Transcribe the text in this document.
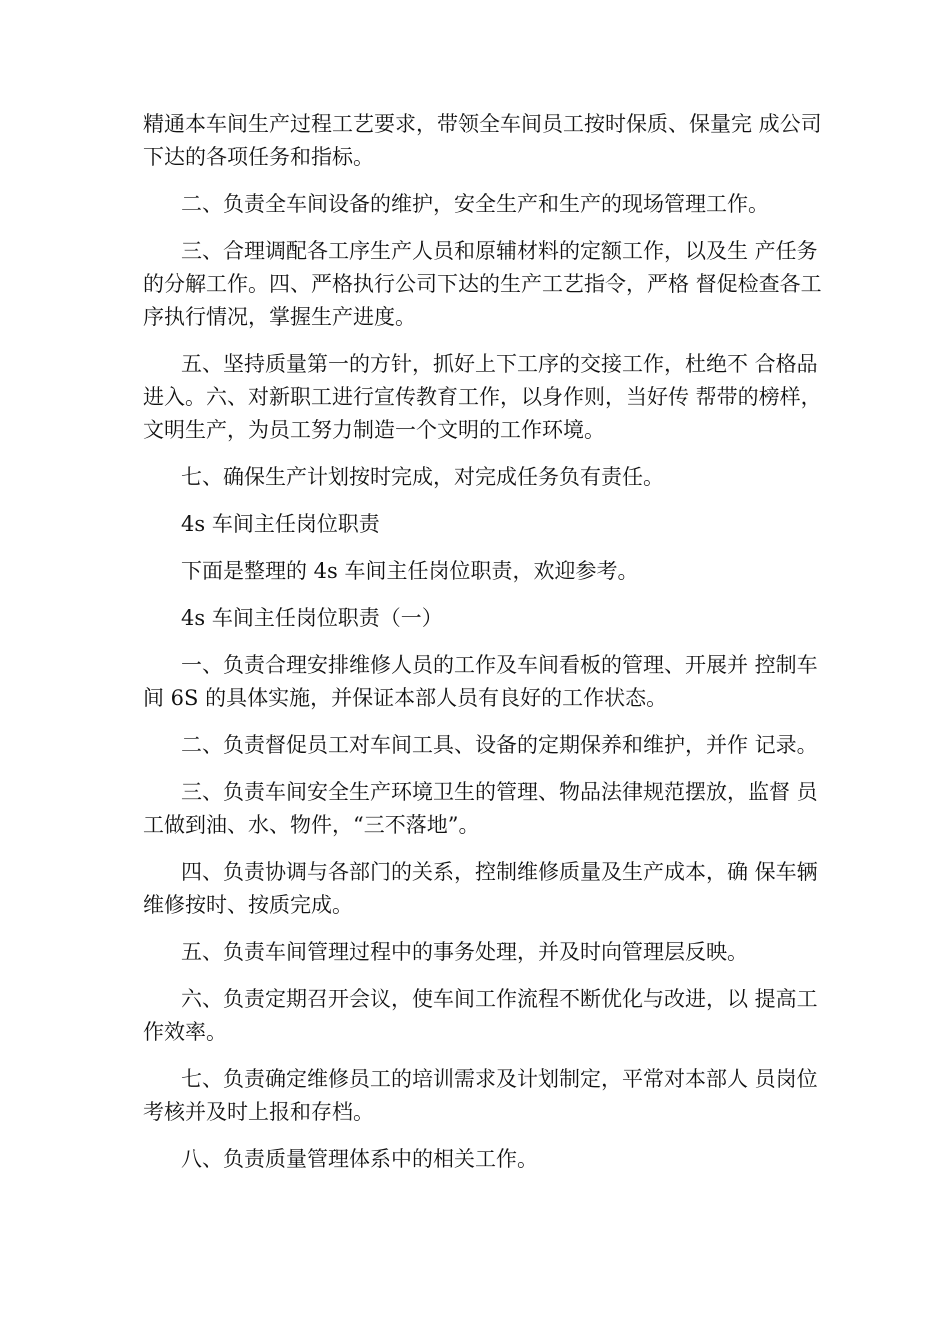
精通本车间生产过程工艺要求，带领全车间员工按时保质、保量完 成公司下达的各项任务和指标。

二、负责全车间设备的维护，安全生产和生产的现场管理工作。

三、合理调配各工序生产人员和原辅材料的定额工作，以及生 产任务的分解工作。四、严格执行公司下达的生产工艺指令，严格 督促检查各工序执行情况，掌握生产进度。

五、坚持质量第一的方针，抓好上下工序的交接工作，杜绝不 合格品进入。六、对新职工进行宣传教育工作，以身作则，当好传 帮带的榜样，文明生产，为员工努力制造一个文明的工作环境。

七、确保生产计划按时完成，对完成任务负有责任。

4s 车间主任岗位职责

下面是整理的 4s 车间主任岗位职责，欢迎参考。

4s 车间主任岗位职责（一）

一、负责合理安排维修人员的工作及车间看板的管理、开展并 控制车间 6S 的具体实施，并保证本部人员有良好的工作状态。

二、负责督促员工对车间工具、设备的定期保养和维护，并作 记录。

三、负责车间安全生产环境卫生的管理、物品法律规范摆放，监督 员工做到油、水、物件，“三不落地”。

四、负责协调与各部门的关系，控制维修质量及生产成本，确 保车辆维修按时、按质完成。

五、负责车间管理过程中的事务处理，并及时向管理层反映。

六、负责定期召开会议，使车间工作流程不断优化与改进，以 提高工作效率。

七、负责确定维修员工的培训需求及计划制定，平常对本部人 员岗位考核并及时上报和存档。

八、负责质量管理体系中的相关工作。
